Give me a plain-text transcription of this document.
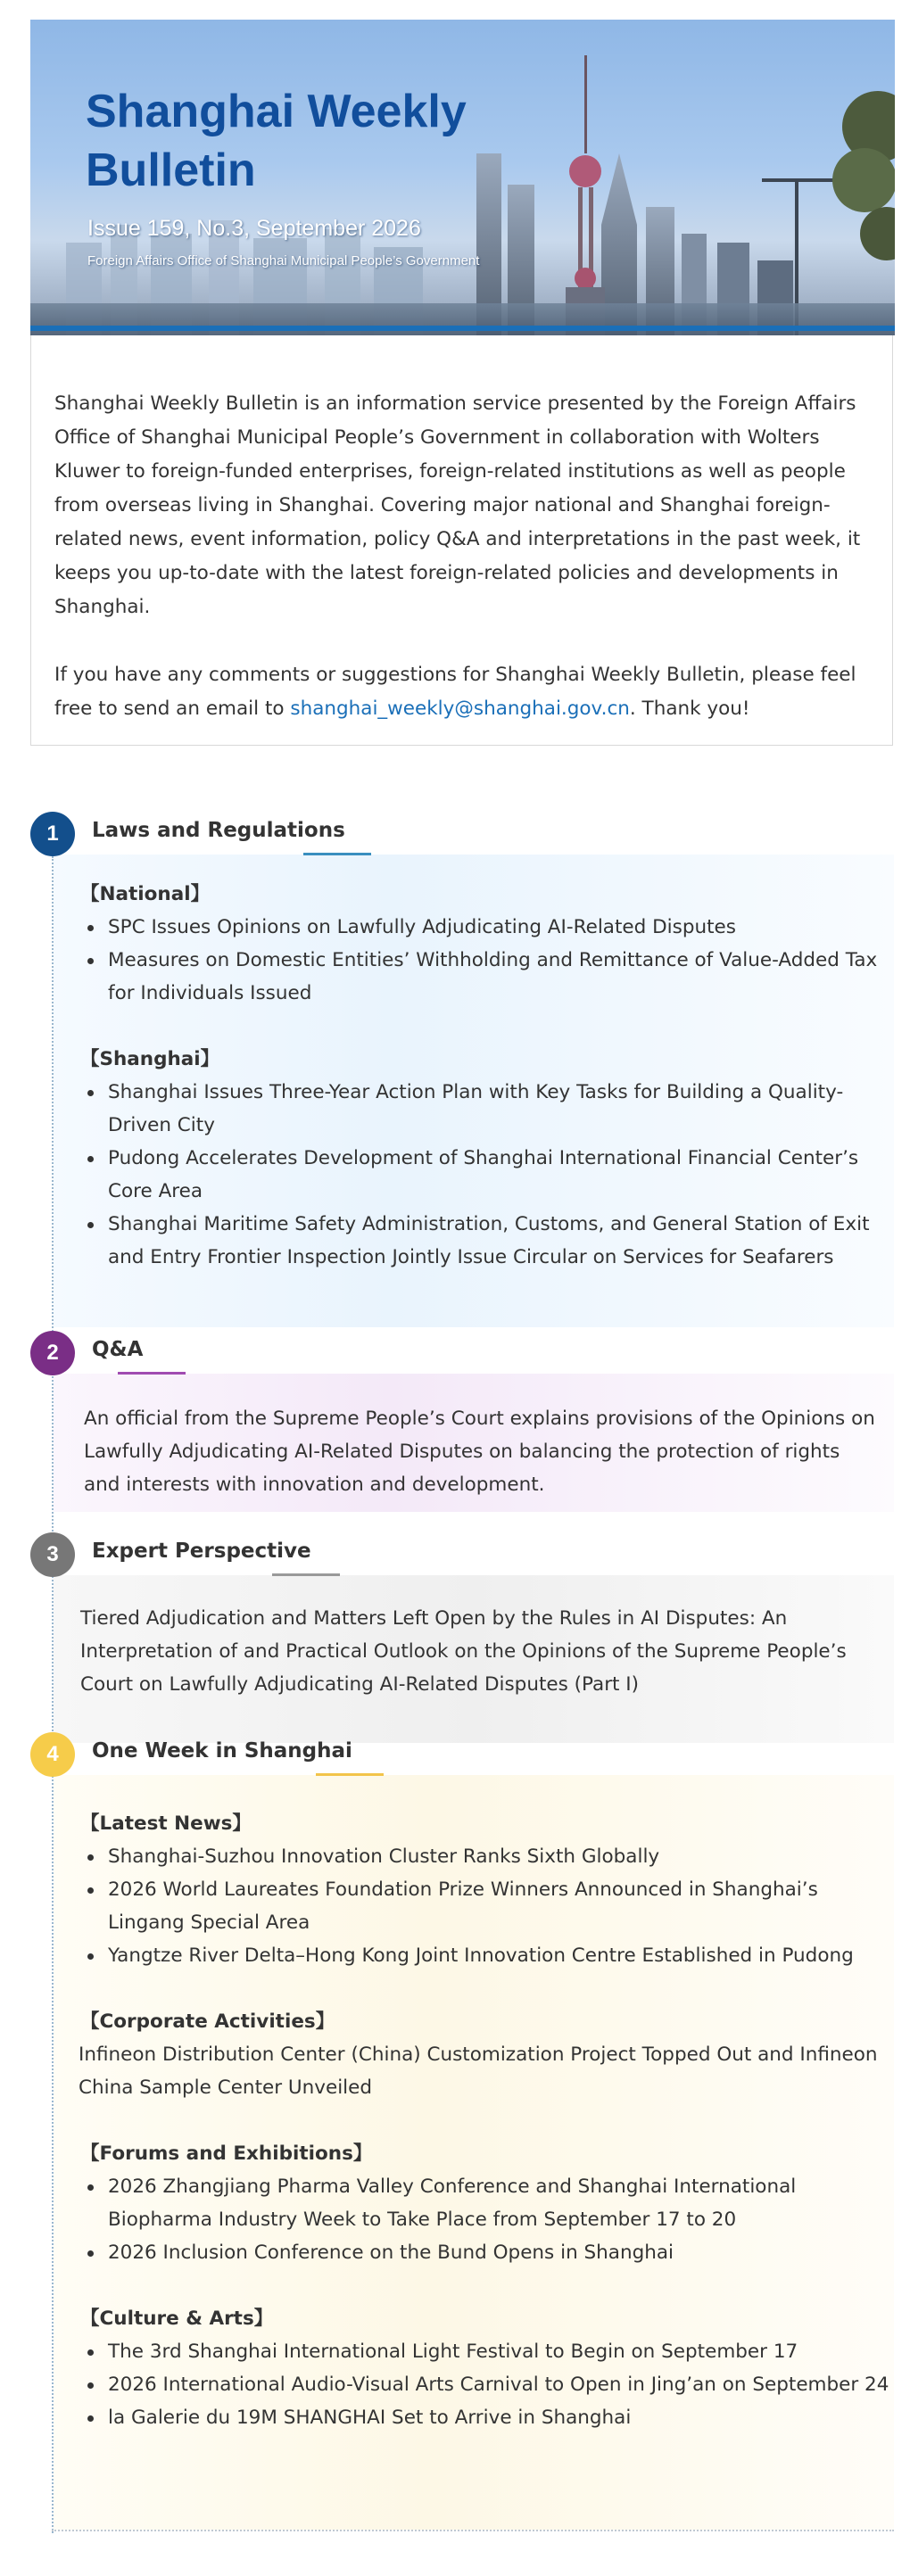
Shanghai Weekly Bulletin
Issue 159, No.3, September 2026
Foreign Affairs Office of Shanghai Municipal People’s Government

Shanghai Weekly Bulletin is an information service presented by the Foreign Affairs Office of Shanghai Municipal People’s Government in collaboration with Wolters Kluwer to foreign-funded enterprises, foreign-related institutions as well as people from overseas living in Shanghai. Covering major national and Shanghai foreign-related news, event information, policy Q&A and interpretations in the past week, it keeps you up-to-date with the latest foreign-related policies and developments in Shanghai.

If you have any comments or suggestions for Shanghai Weekly Bulletin, please feel free to send an email to shanghai_weekly@shanghai.gov.cn. Thank you!

1	Laws and Regulations

【National】

SPC Issues Opinions on Lawfully Adjudicating AI-Related Disputes
Measures on Domestic Entities’ Withholding and Remittance of Value-Added Tax for Individuals Issued

【Shanghai】

Shanghai Issues Three-Year Action Plan with Key Tasks for Building a Quality-Driven City
Pudong Accelerates Development of Shanghai International Financial Center’s Core Area
Shanghai Maritime Safety Administration, Customs, and General Station of Exit and Entry Frontier Inspection Jointly Issue Circular on Services for Seafarers
2	Q&A

An official from the Supreme People’s Court explains provisions of the Opinions on Lawfully Adjudicating AI-Related Disputes on balancing the protection of rights and interests with innovation and development.

3	Expert Perspective

Tiered Adjudication and Matters Left Open by the Rules in AI Disputes: An Interpretation of and Practical Outlook on the Opinions of the Supreme People’s Court on Lawfully Adjudicating AI-Related Disputes (Part I)

4	One Week in Shanghai

【Latest News】

Shanghai-Suzhou Innovation Cluster Ranks Sixth Globally
2026 World Laureates Foundation Prize Winners Announced in Shanghai’s Lingang Special Area
Yangtze River Delta–Hong Kong Joint Innovation Centre Established in Pudong

【Corporate Activities】

Infineon Distribution Center (China) Customization Project Topped Out and Infineon China Sample Center Unveiled

【Forums and Exhibitions】

2026 Zhangjiang Pharma Valley Conference and Shanghai International Biopharma Industry Week to Take Place from September 17 to 20
2026 Inclusion Conference on the Bund Opens in Shanghai

【Culture & Arts】

The 3rd Shanghai International Light Festival to Begin on September 17
2026 International Audio-Visual Arts Carnival to Open in Jing’an on September 24
la Galerie du 19M SHANGHAI Set to Arrive in Shanghai
